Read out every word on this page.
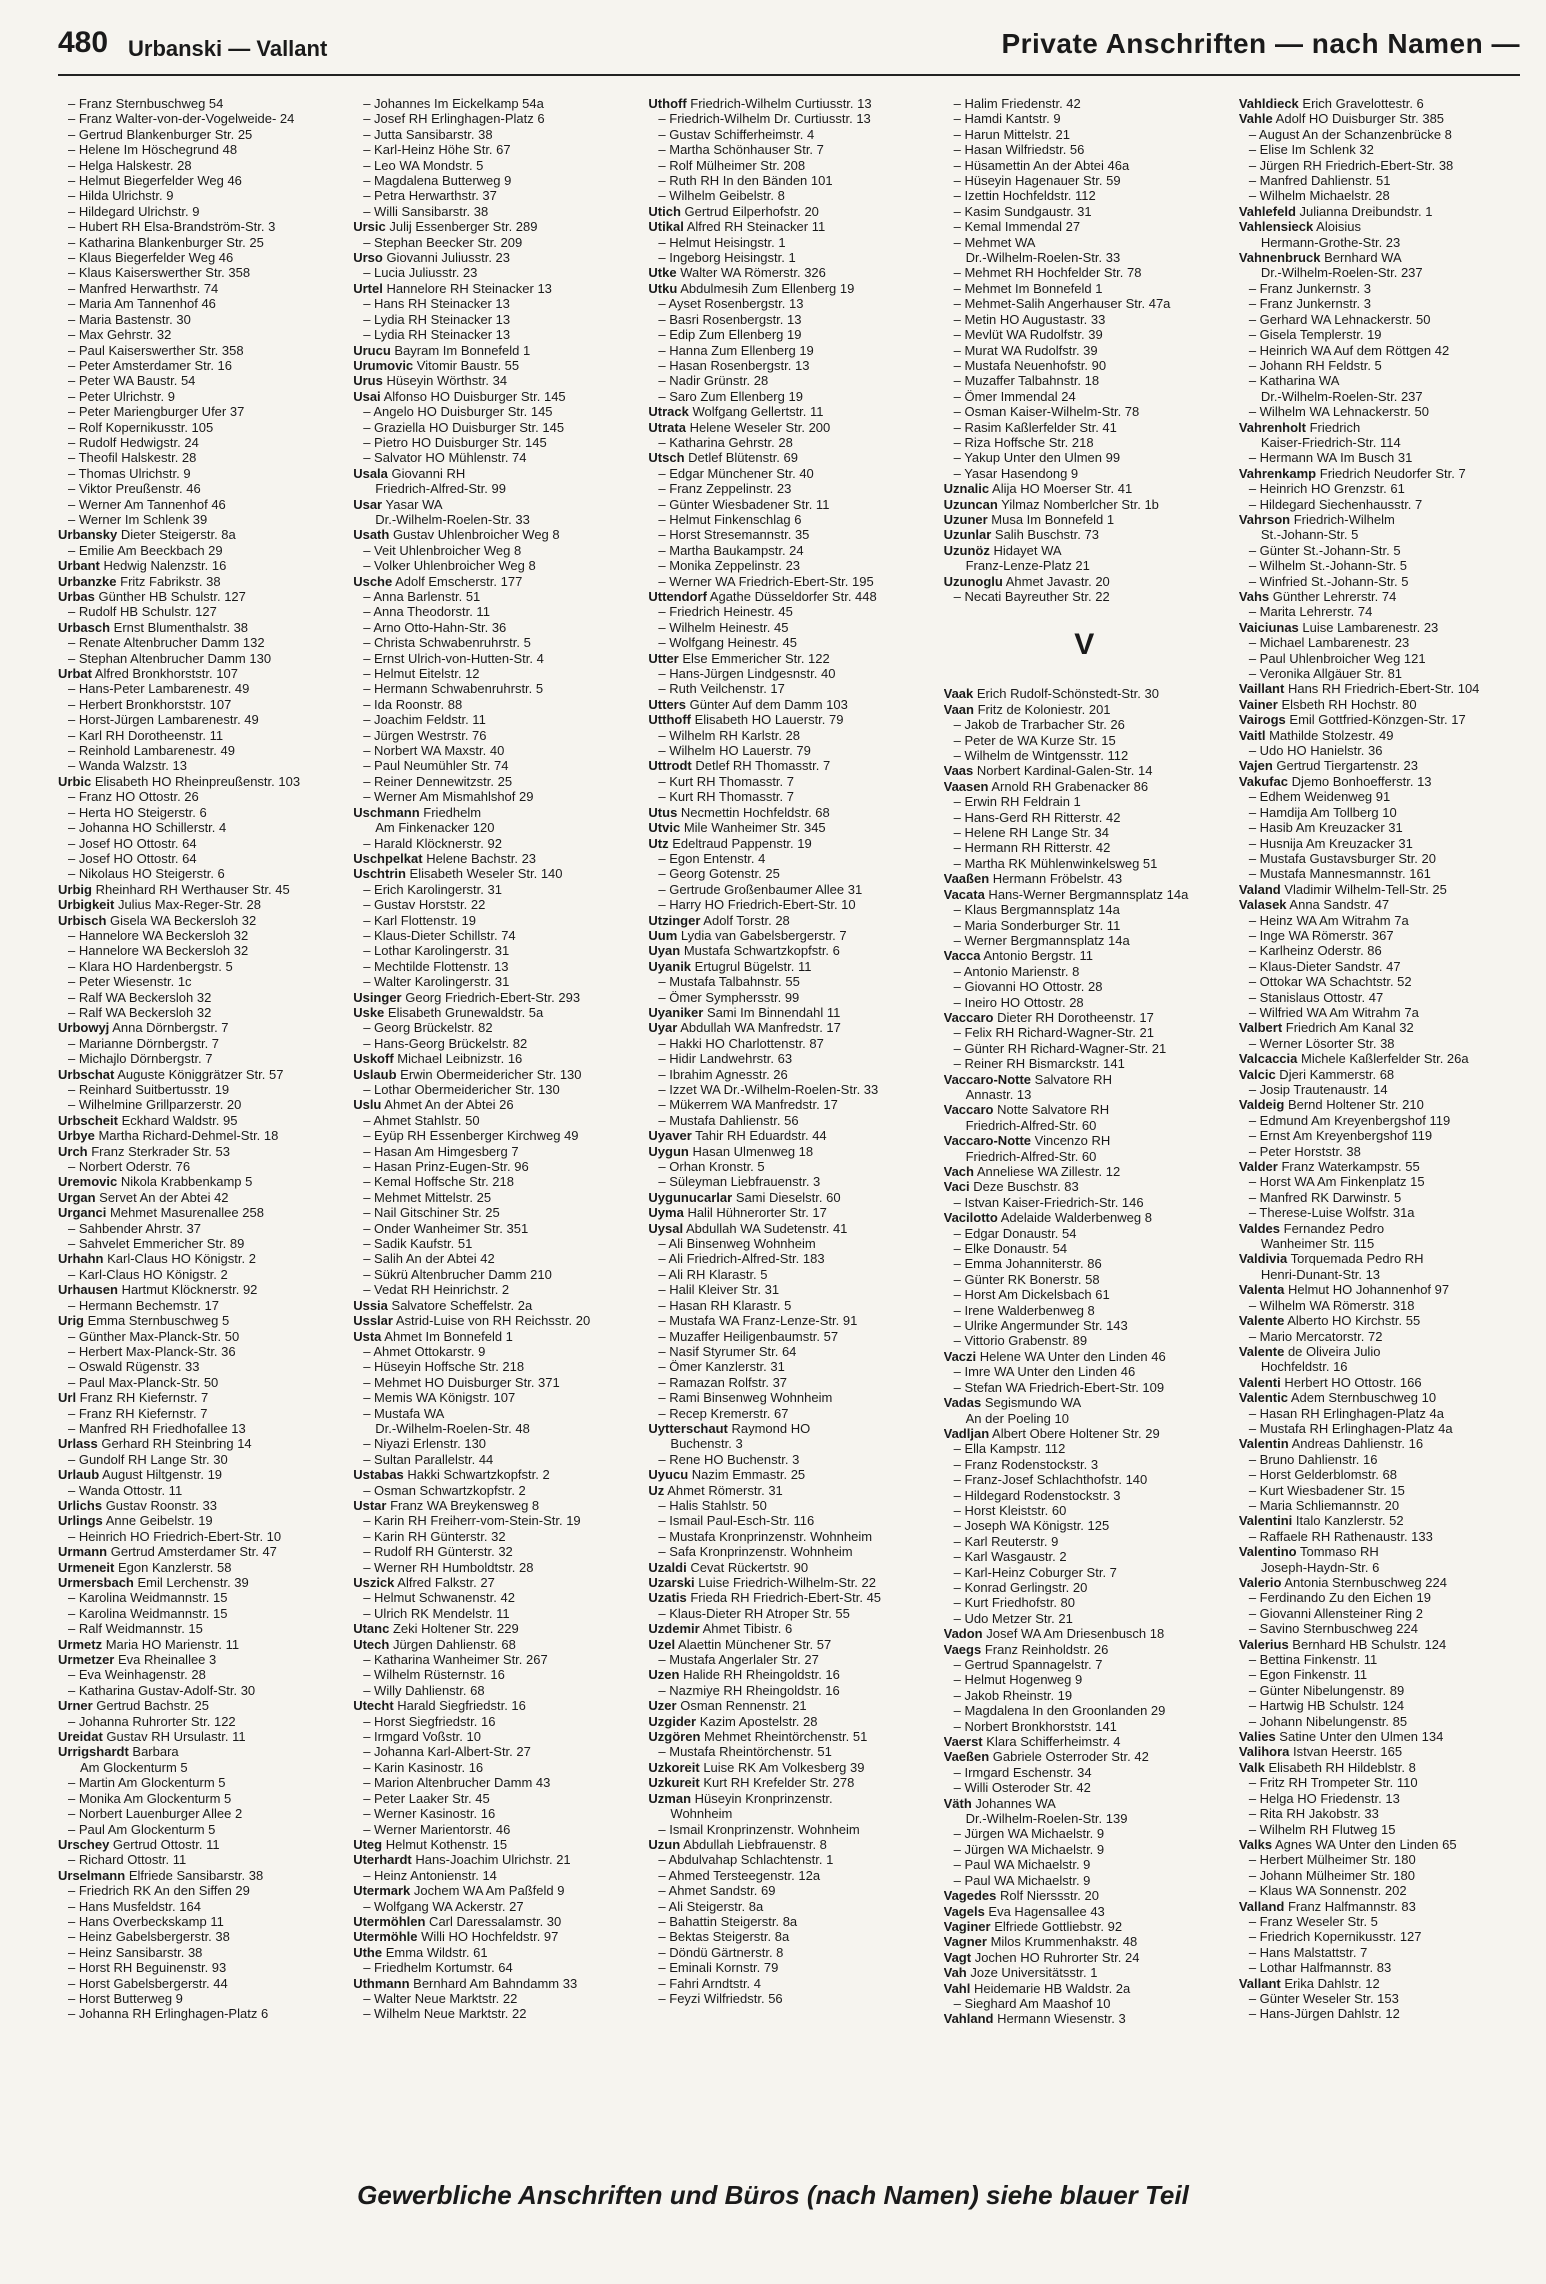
480 Urbanski — Vallant	Private Anschriften — nach Namen —
– Franz Sternbuschweg 54
– Franz Walter-von-der-Vogelweide- 24
– Gertrud Blankenburger Str. 25
– Helene Im Höschegrund 48
– Helga Halskestr. 28
– Helmut Biegerfelder Weg 46
– Hilda Ulrichstr. 9
– Hildegard Ulrichstr. 9
– Hubert RH Elsa-Brandström-Str. 3
– Katharina Blankenburger Str. 25
– Klaus Biegerfelder Weg 46
– Klaus Kaiserswerther Str. 358
– Manfred Herwarthstr. 74
– Maria Am Tannenhof 46
– Maria Bastenstr. 30
– Max Gehrstr. 32
– Paul Kaiserswerther Str. 358
– Peter Amsterdamer Str. 16
– Peter WA Baustr. 54
– Peter Ulrichstr. 9
– Peter Mariengburger Ufer 37
– Rolf Kopernikusstr. 105
– Rudolf Hedwigstr. 24
– Theofil Halskestr. 28
– Thomas Ulrichstr. 9
– Viktor Preußenstr. 46
– Werner Am Tannenhof 46
– Werner Im Schlenk 39
Urbansky Dieter Steigerstr. 8a
– Emilie Am Beeckbach 29
Urbant Hedwig Nalenzstr. 16
Urbanzke Fritz Fabrikstr. 38
Urbas Günther HB Schulstr. 127
– Rudolf HB Schulstr. 127
Urbasch Ernst Blumenthalstr. 38
– Renate Altenbrucher Damm 132
– Stephan Altenbrucher Damm 130
Urbat Alfred Bronkhorststr. 107
– Hans-Peter Lambarenestr. 49
– Herbert Bronkhorststr. 107
– Horst-Jürgen Lambarenestr. 49
– Karl RH Dorotheenstr. 11
– Reinhold Lambarenestr. 49
– Wanda Walzstr. 13
Urbic Elisabeth HO Rheinpreußenstr. 103
– Franz HO Ottostr. 26
– Herta HO Steigerstr. 6
– Johanna HO Schillerstr. 4
– Josef HO Ottostr. 64
– Josef HO Ottostr. 64
– Nikolaus HO Steigerstr. 6
Urbig Rheinhard RH Werthauser Str. 45
Urbigkeit Julius Max-Reger-Str. 28
Urbisch Gisela WA Beckersloh 32
– Hannelore WA Beckersloh 32
– Hannelore WA Beckersloh 32
– Klara HO Hardenbergstr. 5
– Peter Wiesenstr. 1c
– Ralf WA Beckersloh 32
– Ralf WA Beckersloh 32
Urbowyj Anna Dörnbergstr. 7
– Marianne Dörnbergstr. 7
– Michajlo Dörnbergstr. 7
Urbschat Auguste Königgrätzer Str. 57
– Reinhard Suitbertusstr. 19
– Wilhelmine Grillparzerstr. 20
Urbscheit Eckhard Waldstr. 95
Urbye Martha Richard-Dehmel-Str. 18
Urch Franz Sterkrader Str. 53
– Norbert Oderstr. 76
Uremovic Nikola Krabbenkamp 5
Urgan Servet An der Abtei 42
Urganci Mehmet Masurenallee 258
– Sahbender Ahrstr. 37
– Sahvelet Emmericher Str. 89
Urhahn Karl-Claus HO Königstr. 2
– Karl-Claus HO Königstr. 2
Urhausen Hartmut Klöcknerstr. 92
– Hermann Bechemstr. 17
Urig Emma Sternbuschweg 5
– Günther Max-Planck-Str. 50
– Herbert Max-Planck-Str. 36
– Oswald Rügenstr. 33
– Paul Max-Planck-Str. 50
Url Franz RH Kiefernstr. 7
– Franz RH Kiefernstr. 7
– Manfred RH Friedhofallee 13
Urlass Gerhard RH Steinbring 14
– Gundolf RH Lange Str. 30
Urlaub August Hiltgenstr. 19
– Wanda Ottostr. 11
Urlichs Gustav Roonstr. 33
Urlings Anne Geibelstr. 19
– Heinrich HO Friedrich-Ebert-Str. 10
Urmann Gertrud Amsterdamer Str. 47
Urmeneit Egon Kanzlerstr. 58
Urmersbach Emil Lerchenstr. 39
– Karolina Weidmannstr. 15
– Karolina Weidmannstr. 15
– Ralf Weidmannstr. 15
Urmetz Maria HO Marienstr. 11
Urmetzer Eva Rheinallee 3
– Eva Weinhagenstr. 28
– Katharina Gustav-Adolf-Str. 30
Urner Gertrud Bachstr. 25
– Johanna Ruhrorter Str. 122
Ureidat Gustav RH Ursulastr. 11
Urrigshardt Barbara
Am Glockenturm 5
– Martin Am Glockenturm 5
– Monika Am Glockenturm 5
– Norbert Lauenburger Allee 2
– Paul Am Glockenturm 5
Urschey Gertrud Ottostr. 11
– Richard Ottostr. 11
Urselmann Elfriede Sansibarstr. 38
– Friedrich RK An den Siffen 29
– Hans Musfeldstr. 164
– Hans Overbeckskamp 11
– Heinz Gabelsbergerstr. 38
– Heinz Sansibarstr. 38
– Horst RH Beguinenstr. 93
– Horst Gabelsbergerstr. 44
– Horst Butterweg 9
– Johanna RH Erlinghagen-Platz 6
– Johannes Im Eickelkamp 54a
– Josef RH Erlinghagen-Platz 6
– Jutta Sansibarstr. 38
– Karl-Heinz Höhe Str. 67
– Leo WA Mondstr. 5
– Magdalena Butterweg 9
– Petra Herwarthstr. 37
– Willi Sansibarstr. 38
Ursic Julij Essenberger Str. 289
– Stephan Beecker Str. 209
Urso Giovanni Juliusstr. 23
– Lucia Juliusstr. 23
Urtel Hannelore RH Steinacker 13
– Hans RH Steinacker 13
– Lydia RH Steinacker 13
– Lydia RH Steinacker 13
Urucu Bayram Im Bonnefeld 1
Urumovic Vitomir Baustr. 55
Urus Hüseyin Wörthstr. 34
Usai Alfonso HO Duisburger Str. 145
– Angelo HO Duisburger Str. 145
– Graziella HO Duisburger Str. 145
– Pietro HO Duisburger Str. 145
– Salvator HO Mühlenstr. 74
Usala Giovanni RH
Friedrich-Alfred-Str. 99
Usar Yasar WA
Dr.-Wilhelm-Roelen-Str. 33
Usath Gustav Uhlenbroicher Weg 8
– Veit Uhlenbroicher Weg 8
– Volker Uhlenbroicher Weg 8
Usche Adolf Emscherstr. 177
– Anna Barlenstr. 51
– Anna Theodorstr. 11
– Arno Otto-Hahn-Str. 36
– Christa Schwabenruhrstr. 5
– Ernst Ulrich-von-Hutten-Str. 4
– Helmut Eitelstr. 12
– Hermann Schwabenruhrstr. 5
– Ida Roonstr. 88
– Joachim Feldstr. 11
– Jürgen Westrstr. 76
– Norbert WA Maxstr. 40
– Paul Neumühler Str. 74
– Reiner Dennewitzstr. 25
– Werner Am Mismahlshof 29
Uschmann Friedhelm
Am Finkenacker 120
– Harald Klöcknerstr. 92
Uschpelkat Helene Bachstr. 23
Uschtrin Elisabeth Weseler Str. 140
– Erich Karolingerstr. 31
– Gustav Horststr. 22
– Karl Flottenstr. 19
– Klaus-Dieter Schillstr. 74
– Lothar Karolingerstr. 31
– Mechtilde Flottenstr. 13
– Walter Karolingerstr. 31
Usinger Georg Friedrich-Ebert-Str. 293
Uske Elisabeth Grunewaldstr. 5a
– Georg Brückelstr. 82
– Hans-Georg Brückelstr. 82
Uskoff Michael Leibnizstr. 16
Uslaub Erwin Obermeidericher Str. 130
– Lothar Obermeidericher Str. 130
Uslu Ahmet An der Abtei 26
– Ahmet Stahlstr. 50
– Eyüp RH Essenberger Kirchweg 49
– Hasan Am Himgesberg 7
– Hasan Prinz-Eugen-Str. 96
– Kemal Hoffsche Str. 218
– Mehmet Mittelstr. 25
– Nail Gitschiner Str. 25
– Onder Wanheimer Str. 351
– Sadik Kaufstr. 51
– Salih An der Abtei 42
– Sükrü Altenbrucher Damm 210
– Vedat RH Heinrichstr. 2
Ussia Salvatore Scheffelstr. 2a
Usslar Astrid-Luise von RH Reichsstr. 20
Usta Ahmet Im Bonnefeld 1
– Ahmet Ottokarstr. 9
– Hüseyin Hoffsche Str. 218
– Mehmet HO Duisburger Str. 371
– Memis WA Königstr. 107
– Mustafa WA
Dr.-Wilhelm-Roelen-Str. 48
– Niyazi Erlenstr. 130
– Sultan Parallelstr. 44
Ustabas Hakki Schwartzkopfstr. 2
– Osman Schwartzkopfstr. 2
Ustar Franz WA Breykensweg 8
– Karin RH Freiherr-vom-Stein-Str. 19
– Karin RH Günterstr. 32
– Rudolf RH Günterstr. 32
– Werner RH Humboldtstr. 28
Uszick Alfred Falkstr. 27
– Helmut Schwanenstr. 42
– Ulrich RK Mendelstr. 11
Utanc Zeki Holtener Str. 229
Utech Jürgen Dahlienstr. 68
– Katharina Wanheimer Str. 267
– Wilhelm Rüsternstr. 16
– Willy Dahlienstr. 68
Utecht Harald Siegfriedstr. 16
– Horst Siegfriedstr. 16
– Irmgard Voßstr. 10
– Johanna Karl-Albert-Str. 27
– Karin Kasinostr. 16
– Marion Altenbrucher Damm 43
– Peter Laaker Str. 45
– Werner Kasinostr. 16
– Werner Marientorstr. 46
Uteg Helmut Kothenstr. 15
Uterhardt Hans-Joachim Ulrichstr. 21
– Heinz Antonienstr. 14
Utermark Jochem WA Am Paßfeld 9
– Wolfgang WA Ackerstr. 27
Utermöhlen Carl Daressalamstr. 30
Utermöhle Willi HO Hochfeldstr. 97
Uthe Emma Wildstr. 61
– Friedhelm Kortumstr. 64
Uthmann Bernhard Am Bahndamm 33
– Walter Neue Marktstr. 22
– Wilhelm Neue Marktstr. 22
Uthoff Friedrich-Wilhelm Curtiusstr. 13
– Friedrich-Wilhelm Dr. Curtiusstr. 13
– Gustav Schifferheimstr. 4
– Martha Schönhauser Str. 7
– Rolf Mülheimer Str. 208
– Ruth RH In den Bänden 101
– Wilhelm Geibelstr. 8
Utich Gertrud Eilperhofstr. 20
Utikal Alfred RH Steinacker 11
– Helmut Heisingstr. 1
– Ingeborg Heisingstr. 1
Utke Walter WA Römerstr. 326
Utku Abdulmesih Zum Ellenberg 19
– Ayset Rosenbergstr. 13
– Basri Rosenbergstr. 13
– Edip Zum Ellenberg 19
– Hanna Zum Ellenberg 19
– Hasan Rosenbergstr. 13
– Nadir Grünstr. 28
– Saro Zum Ellenberg 19
Utrack Wolfgang Gellertstr. 11
Utrata Helene Weseler Str. 200
– Katharina Gehrstr. 28
Utsch Detlef Blütenstr. 69
– Edgar Münchener Str. 40
– Franz Zeppelinstr. 23
– Günter Wiesbadener Str. 11
– Helmut Finkenschlag 6
– Horst Stresemannstr. 35
– Martha Baukampstr. 24
– Monika Zeppelinstr. 23
– Werner WA Friedrich-Ebert-Str. 195
Uttendorf Agathe Düsseldorfer Str. 448
– Friedrich Heinestr. 45
– Wilhelm Heinestr. 45
– Wolfgang Heinestr. 45
Utter Else Emmericher Str. 122
– Hans-Jürgen Lindgesnstr. 40
– Ruth Veilchenstr. 17
Utters Günter Auf dem Damm 103
Utthoff Elisabeth HO Lauerstr. 79
– Wilhelm RH Karlstr. 28
– Wilhelm HO Lauerstr. 79
Uttrodt Detlef RH Thomasstr. 7
– Kurt RH Thomasstr. 7
– Kurt RH Thomasstr. 7
Utus Necmettin Hochfeldstr. 68
Utvic Mile Wanheimer Str. 345
Utz Edeltraud Pappenstr. 19
– Egon Entenstr. 4
– Georg Gotenstr. 25
– Gertrude Großenbaumer Allee 31
– Harry HO Friedrich-Ebert-Str. 10
Utzinger Adolf Torstr. 28
Uum Lydia van Gabelsbergerstr. 7
Uyan Mustafa Schwartzkopfstr. 6
Uyanik Ertugrul Bügelstr. 11
– Mustafa Talbahnstr. 55
– Ömer Symphersstr. 99
Uyaniker Sami Im Binnendahl 11
Uyar Abdullah WA Manfredstr. 17
– Hakki HO Charlottenstr. 87
– Hidir Landwehrstr. 63
– Ibrahim Agnesstr. 26
– Izzet WA Dr.-Wilhelm-Roelen-Str. 33
– Mükerrem WA Manfredstr. 17
– Mustafa Dahlienstr. 56
Uyaver Tahir RH Eduardstr. 44
Uygun Hasan Ulmenweg 18
– Orhan Kronstr. 5
– Süleyman Liebfrauenstr. 3
Uygunucarlar Sami Dieselstr. 60
Uyma Halil Hühnerorter Str. 17
Uysal Abdullah WA Sudetenstr. 41
– Ali Binsenweg Wohnheim
– Ali Friedrich-Alfred-Str. 183
– Ali RH Klarastr. 5
– Halil Kleiver Str. 31
– Hasan RH Klarastr. 5
– Mustafa WA Franz-Lenze-Str. 91
– Muzaffer Heiligenbaumstr. 57
– Nasif Styrumer Str. 64
– Ömer Kanzlerstr. 31
– Ramazan Rolfstr. 37
– Rami Binsenweg Wohnheim
– Recep Kremerstr. 67
Uytterschaut Raymond HO
Buchenstr. 3
– Rene HO Buchenstr. 3
Uyucu Nazim Emmastr. 25
Uz Ahmet Römerstr. 31
– Halis Stahlstr. 50
– Ismail Paul-Esch-Str. 116
– Mustafa Kronprinzenstr. Wohnheim
– Safa Kronprinzenstr. Wohnheim
Uzaldi Cevat Rückertstr. 90
Uzarski Luise Friedrich-Wilhelm-Str. 22
Uzatis Frieda RH Friedrich-Ebert-Str. 45
– Klaus-Dieter RH Atroper Str. 55
Uzdemir Ahmet Tibistr. 6
Uzel Alaettin Münchener Str. 57
– Mustafa Angerlaler Str. 27
Uzen Halide RH Rheingoldstr. 16
– Nazmiye RH Rheingoldstr. 16
Uzer Osman Rennenstr. 21
Uzgider Kazim Apostelstr. 28
Uzgören Mehmet Rheintörchenstr. 51
– Mustafa Rheintörchenstr. 51
Uzkoreit Luise RK Am Volkesberg 39
Uzkureit Kurt RH Krefelder Str. 278
Uzman Hüseyin Kronprinzenstr.
Wohnheim
– Ismail Kronprinzenstr. Wohnheim
Uzun Abdullah Liebfrauenstr. 8
– Abdulvahap Schlachtenstr. 1
– Ahmed Tersteegenstr. 12a
– Ahmet Sandstr. 69
– Ali Steigerstr. 8a
– Bahattin Steigerstr. 8a
– Bektas Steigerstr. 8a
– Döndü Gärtnerstr. 8
– Eminali Kornstr. 79
– Fahri Arndtstr. 4
– Feyzi Wilfriedstr. 56
– Halim Friedenstr. 42
– Hamdi Kantstr. 9
– Harun Mittelstr. 21
– Hasan Wilfriedstr. 56
– Hüsamettin An der Abtei 46a
– Hüseyin Hagenauer Str. 59
– Izettin Hochfeldstr. 112
– Kasim Sundgaustr. 31
– Kemal Immendal 27
– Mehmet WA
Dr.-Wilhelm-Roelen-Str. 33
– Mehmet RH Hochfelder Str. 78
– Mehmet Im Bonnefeld 1
– Mehmet-Salih Angerhauser Str. 47a
– Metin HO Augustastr. 33
– Mevlüt WA Rudolfstr. 39
– Murat WA Rudolfstr. 39
– Mustafa Neuenhofstr. 90
– Muzaffer Talbahnstr. 18
– Ömer Immendal 24
– Osman Kaiser-Wilhelm-Str. 78
– Rasim Kaßlerfelder Str. 41
– Riza Hoffsche Str. 218
– Yakup Unter den Ulmen 99
– Yasar Hasendong 9
Uznalic Alija HO Moerser Str. 41
Uzuncan Yilmaz Nomberlcher Str. 1b
Uzuner Musa Im Bonnefeld 1
Uzunlar Salih Buschstr. 73
Uzunöz Hidayet WA
Franz-Lenze-Platz 21
Uzunoglu Ahmet Javastr. 20
– Necati Bayreuther Str. 22
V
Vaak Erich Rudolf-Schönstedt-Str. 30
Vaan Fritz de Koloniestr. 201
– Jakob de Trarbacher Str. 26
– Peter de WA Kurze Str. 15
– Wilhelm de Wintgensstr. 112
Vaas Norbert Kardinal-Galen-Str. 14
Vaasen Arnold RH Grabenacker 86
– Erwin RH Feldrain 1
– Hans-Gerd RH Ritterstr. 42
– Helene RH Lange Str. 34
– Hermann RH Ritterstr. 42
– Martha RK Mühlenwinkelsweg 51
Vaaßen Hermann Fröbelstr. 43
Vacata Hans-Werner Bergmannsplatz 14a
– Klaus Bergmannsplatz 14a
– Maria Sonderburger Str. 11
– Werner Bergmannsplatz 14a
Vacca Antonio Bergstr. 11
– Antonio Marienstr. 8
– Giovanni HO Ottostr. 28
– Ineiro HO Ottostr. 28
Vaccaro Dieter RH Dorotheenstr. 17
– Felix RH Richard-Wagner-Str. 21
– Günter RH Richard-Wagner-Str. 21
– Reiner RH Bismarckstr. 141
Vaccaro-Notte Salvatore RH
Annastr. 13
Vaccaro Notte Salvatore RH
Friedrich-Alfred-Str. 60
Vaccaro-Notte Vincenzo RH
Friedrich-Alfred-Str. 60
Vach Anneliese WA Zillestr. 12
Vaci Deze Buschstr. 83
– Istvan Kaiser-Friedrich-Str. 146
Vacilotto Adelaide Walderbenweg 8
– Edgar Donaustr. 54
– Elke Donaustr. 54
– Emma Johanniterstr. 86
– Günter RK Bonerstr. 58
– Horst Am Dickelsbach 61
– Irene Walderbenweg 8
– Ulrike Angermunder Str. 143
– Vittorio Grabenstr. 89
Vaczi Helene WA Unter den Linden 46
– Imre WA Unter den Linden 46
– Stefan WA Friedrich-Ebert-Str. 109
Vadas Segismundo WA
An der Poeling 10
Vadljan Albert Obere Holtener Str. 29
– Ella Kampstr. 112
– Franz Rodenstockstr. 3
– Franz-Josef Schlachthofstr. 140
– Hildegard Rodenstockstr. 3
– Horst Kleiststr. 60
– Joseph WA Königstr. 125
– Karl Reuterstr. 9
– Karl Wasgaustr. 2
– Karl-Heinz Coburger Str. 7
– Konrad Gerlingstr. 20
– Kurt Friedhofstr. 80
– Udo Metzer Str. 21
Vadon Josef WA Am Driesenbusch 18
Vaegs Franz Reinholdstr. 26
– Gertrud Spannagelstr. 7
– Helmut Hogenweg 9
– Jakob Rheinstr. 19
– Magdalena In den Groonlanden 29
– Norbert Bronkhorststr. 141
Vaerst Klara Schifferheimstr. 4
Vaeßen Gabriele Osterroder Str. 42
– Irmgard Eschenstr. 34
– Willi Osteroder Str. 42
Väth Johannes WA
Dr.-Wilhelm-Roelen-Str. 139
– Jürgen WA Michaelstr. 9
– Jürgen WA Michaelstr. 9
– Paul WA Michaelstr. 9
– Paul WA Michaelstr. 9
Vagedes Rolf Nierssstr. 20
Vagels Eva Hagensallee 43
Vaginer Elfriede Gottliebstr. 92
Vagner Milos Krummenhakstr. 48
Vagt Jochen HO Ruhrorter Str. 24
Vah Joze Universitätsstr. 1
Vahl Heidemarie HB Waldstr. 2a
– Sieghard Am Maashof 10
Vahland Hermann Wiesenstr. 3
Vahldieck Erich Gravelottestr. 6
Vahle Adolf HO Duisburger Str. 385
– August An der Schanzenbrücke 8
– Elise Im Schlenk 32
– Jürgen RH Friedrich-Ebert-Str. 38
– Manfred Dahlienstr. 51
– Wilhelm Michaelstr. 28
Vahlefeld Julianna Dreibundstr. 1
Vahlensieck Aloisius
Hermann-Grothe-Str. 23
Vahnenbruck Bernhard WA
Dr.-Wilhelm-Roelen-Str. 237
– Franz Junkernstr. 3
– Franz Junkernstr. 3
– Gerhard WA Lehnackerstr. 50
– Gisela Templerstr. 19
– Heinrich WA Auf dem Röttgen 42
– Johann RH Feldstr. 5
– Katharina WA
Dr.-Wilhelm-Roelen-Str. 237
– Wilhelm WA Lehnackerstr. 50
Vahrenholt Friedrich
Kaiser-Friedrich-Str. 114
– Hermann WA Im Busch 31
Vahrenkamp Friedrich Neudorfer Str. 7
– Heinrich HO Grenzstr. 61
– Hildegard Siechenhausstr. 7
Vahrson Friedrich-Wilhelm
St.-Johann-Str. 5
– Günter St.-Johann-Str. 5
– Wilhelm St.-Johann-Str. 5
– Winfried St.-Johann-Str. 5
Vahs Günther Lehrerstr. 74
– Marita Lehrerstr. 74
Vaiciunas Luise Lambarenestr. 23
– Michael Lambarenestr. 23
– Paul Uhlenbroicher Weg 121
– Veronika Allgäuer Str. 81
Vaillant Hans RH Friedrich-Ebert-Str. 104
Vainer Elsbeth RH Hochstr. 80
Vairogs Emil Gottfried-Könzgen-Str. 17
Vaitl Mathilde Stolzestr. 49
– Udo HO Hanielstr. 36
Vajen Gertrud Tiergartenstr. 23
Vakufac Djemo Bonhoefferstr. 13
– Edhem Weidenweg 91
– Hamdija Am Tollberg 10
– Hasib Am Kreuzacker 31
– Husnija Am Kreuzacker 31
– Mustafa Gustavsburger Str. 20
– Mustafa Mannesmannstr. 161
Valand Vladimir Wilhelm-Tell-Str. 25
Valasek Anna Sandstr. 47
– Heinz WA Am Witrahm 7a
– Inge WA Römerstr. 367
– Karlheinz Oderstr. 86
– Klaus-Dieter Sandstr. 47
– Ottokar WA Schachtstr. 52
– Stanislaus Ottostr. 47
– Wilfried WA Am Witrahm 7a
Valbert Friedrich Am Kanal 32
– Werner Lösorter Str. 38
Valcaccia Michele Kaßlerfelder Str. 26a
Valcic Djeri Kammerstr. 68
– Josip Trautenaustr. 14
Valdeig Bernd Holtener Str. 210
– Edmund Am Kreyenbergshof 119
– Ernst Am Kreyenbergshof 119
– Peter Horststr. 38
Valder Franz Waterkampstr. 55
– Horst WA Am Finkenplatz 15
– Manfred RK Darwinstr. 5
– Therese-Luise Wolfstr. 31a
Valdes Fernandez Pedro
Wanheimer Str. 115
Valdivia Torquemada Pedro RH
Henri-Dunant-Str. 13
Valenta Helmut HO Johannenhof 97
– Wilhelm WA Römerstr. 318
Valente Alberto HO Kirchstr. 55
– Mario Mercatorstr. 72
Valente de Oliveira Julio
Hochfeldstr. 16
Valenti Herbert HO Ottostr. 166
Valentic Adem Sternbuschweg 10
– Hasan RH Erlinghagen-Platz 4a
– Mustafa RH Erlinghagen-Platz 4a
Valentin Andreas Dahlienstr. 16
– Bruno Dahlienstr. 16
– Horst Gelderblomstr. 68
– Kurt Wiesbadener Str. 15
– Maria Schliemannstr. 20
Valentini Italo Kanzlerstr. 52
– Raffaele RH Rathenaustr. 133
Valentino Tommaso RH
Joseph-Haydn-Str. 6
Valerio Antonia Sternbuschweg 224
– Ferdinando Zu den Eichen 19
– Giovanni Allensteiner Ring 2
– Savino Sternbuschweg 224
Valerius Bernhard HB Schulstr. 124
– Bettina Finkenstr. 11
– Egon Finkenstr. 11
– Günter Nibelungenstr. 89
– Hartwig HB Schulstr. 124
– Johann Nibelungenstr. 85
Valies Satine Unter den Ulmen 134
Valihora Istvan Heerstr. 165
Valk Elisabeth RH Hildeblstr. 8
– Fritz RH Trompeter Str. 110
– Helga HO Friedenstr. 13
– Rita RH Jakobstr. 33
– Wilhelm RH Flutweg 15
Valks Agnes WA Unter den Linden 65
– Herbert Mülheimer Str. 180
– Johann Mülheimer Str. 180
– Klaus WA Sonnenstr. 202
Valland Franz Halfmannstr. 83
– Franz Weseler Str. 5
– Friedrich Kopernikusstr. 127
– Hans Malstattstr. 7
– Lothar Halfmannstr. 83
Vallant Erika Dahlstr. 12
– Günter Weseler Str. 153
– Hans-Jürgen Dahlstr. 12
Gewerbliche Anschriften und Büros (nach Namen) siehe blauer Teil
